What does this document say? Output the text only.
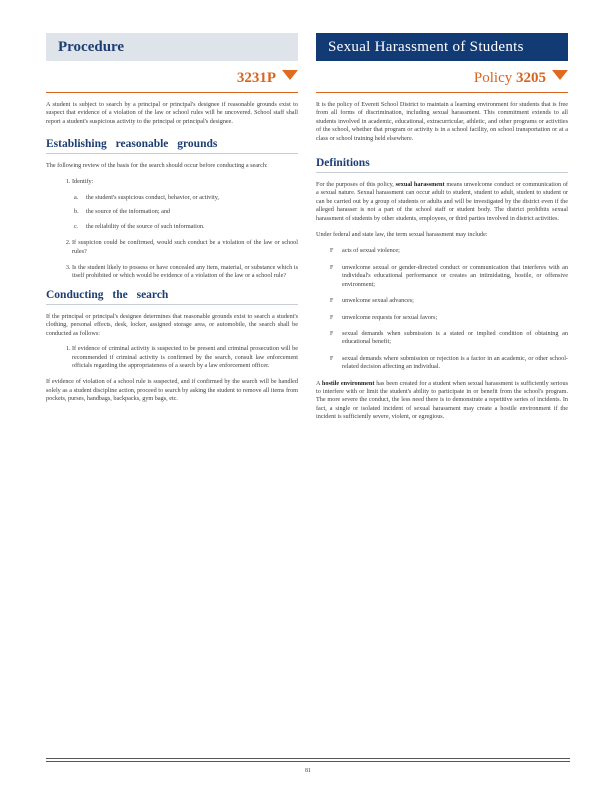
Procedure
3231P

A student is subject to search by a principal or principal's designee if reasonable grounds exist to suspect that evidence of a violation of the law or school rules will be uncovered. School staff shall report a student's suspicious activity to the principal or principal's designee.

Establishing reasonable grounds

The following review of the basis for the search should occur before conducting a search:

1. Identify:
a. the student's suspicious conduct, behavior, or activity,
b. the source of the information; and
c. the reliability of the source of such information.
2. If suspicion could be confirmed, would such conduct be a violation of the law or school rules?
3. Is the student likely to possess or have concealed any item, material, or substance which is itself prohibited or which would be evidence of a violation of the law or a school rule?
Conducting the search

If the principal or principal's designee determines that reasonable grounds exist to search a student's clothing, personal effects, desk, locker, assigned storage area, or automobile, the search shall be conducted as follows:

1. If evidence of criminal activity is suspected to be present and criminal prosecution will be recommended if criminal activity is confirmed by the search, consult law enforcement officials regarding the appropriateness of a search by a law enforcement officer.

If evidence of violation of a school rule is suspected, and if confirmed by the search will be handled solely as a student discipline action, proceed to search by asking the student to remove all items from pockets, purses, handbags, backpacks, gym bags, etc.

Sexual Harassment of Students
Policy 3205

It is the policy of Everett School District to maintain a learning environment for students that is free from all forms of discrimination, including sexual harassment. This commitment extends to all students involved in academic, educational, extracurricular, athletic, and other programs or activities of the school, whether that program or activity is in a school facility, on school transportation or at a class or school training held elsewhere.

Definitions

For the purposes of this policy, sexual harassment means unwelcome conduct or communication of a sexual nature. Sexual harassment can occur adult to student, student to adult, student to student or can be carried out by a group of students or adults and will be investigated by the district even if the alleged harasser is not a part of the school staff or student body. The district prohibits sexual harassment of students by other students, employees, or third parties involved in district activities.

Under federal and state law, the term sexual harassment may include:

F acts of sexual violence;
F unwelcome sexual or gender-directed conduct or communication that interferes with an individual's educational performance or creates an intimidating, hostile, or offensive environment;
F unwelcome sexual advances;
F unwelcome requests for sexual favors;
F sexual demands when submission is a stated or implied condition of obtaining an educational benefit;
F sexual demands where submission or rejection is a factor in an academic, or other school-related decision affecting an individual.

A hostile environment has been created for a student when sexual harassment is sufficiently serious to interfere with or limit the student's ability to participate in or benefit from the school's program. The more severe the conduct, the less need there is to demonstrate a repetitive series of incidents. In fact, a single or isolated incident of sexual harassment may create a hostile environment if the incident is sufficiently severe, violent, or egregious.

81
